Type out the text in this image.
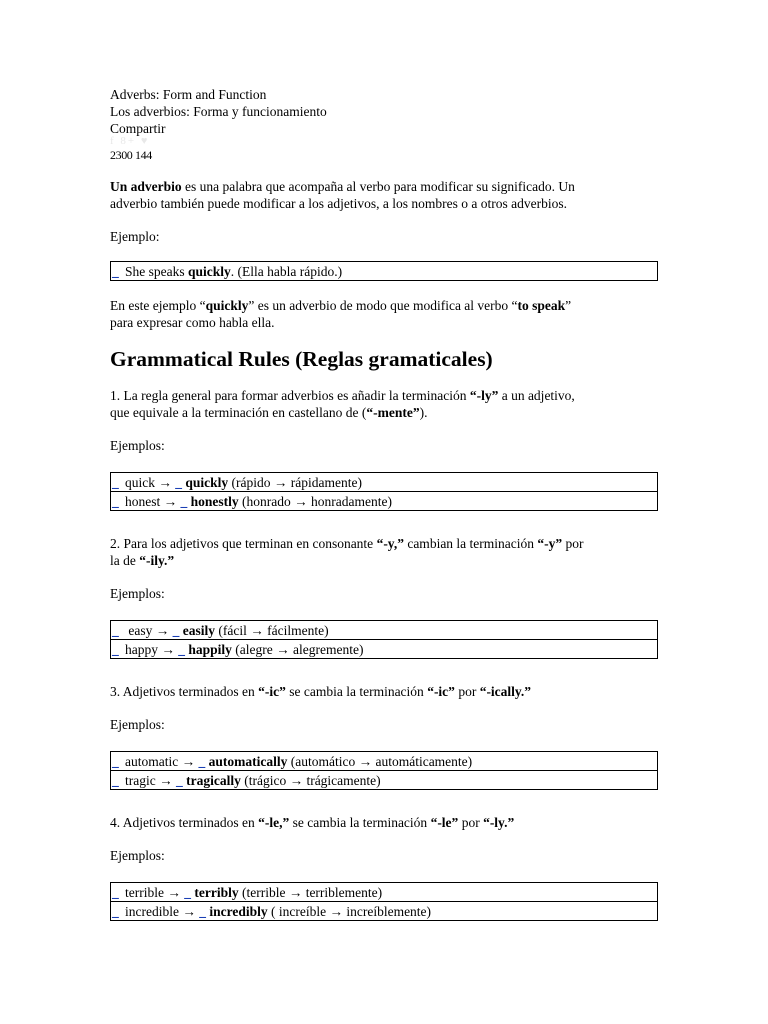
Adverbs: Form and Function
Los adverbios: Forma y funcionamiento
Compartir
f 8+ ♥
2300 144

Un adverbio es una palabra que acompaña al verbo para modificar su significado. Un
adverbio también puede modificar a los adjetivos, a los nombres o a otros adverbios.

Ejemplo:

_	She speaks quickly. (Ella habla rápido.)

En este ejemplo “quickly” es un adverbio de modo que modifica al verbo “to speak”
para expresar como habla ella.

Grammatical Rules (Reglas gramaticales)

1. La regla general para formar adverbios es añadir la terminación “-ly” a un adjetivo,
que equivale a la terminación en castellano de (“-mente”).

Ejemplos:

_	quick → _ quickly (rápido → rápidamente)
_	honest → _ honestly (honrado → honradamente)

2. Para los adjetivos que terminan en consonante “-y,” cambian la terminación “-y” por
la de “-ily.”

Ejemplos:

_	easy → _ easily (fácil → fácilmente)
_	happy → _ happily (alegre → alegremente)

3. Adjetivos terminados en “-ic” se cambia la terminación “-ic” por “-ically.”

Ejemplos:

_	automatic → _ automatically (automático → automáticamente)
_	tragic → _ tragically (trágico → trágicamente)

4. Adjetivos terminados en “-le,” se cambia la terminación “-le” por “-ly.”

Ejemplos:

_	terrible → _ terribly (terrible → terriblemente)
_	incredible → _ incredibly ( increíble → increíblemente)
